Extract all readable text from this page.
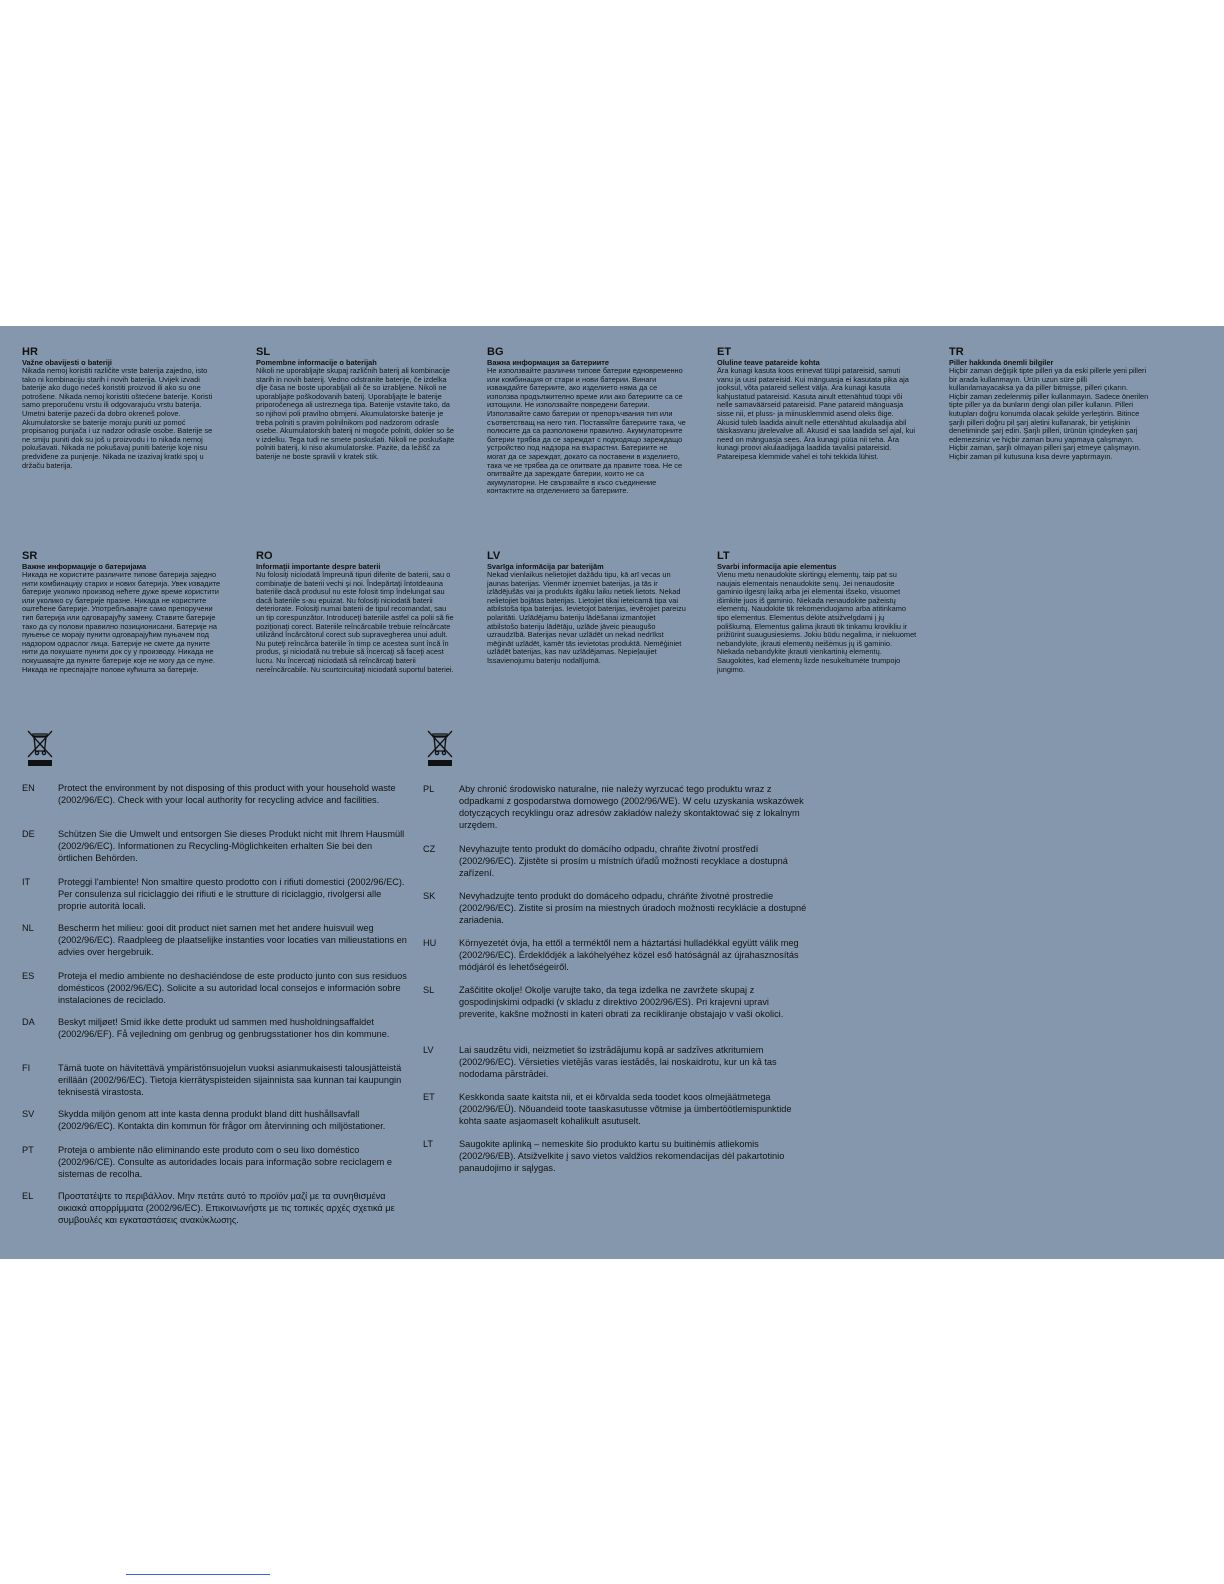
HR

Važne obavijesti o bateriji

Nikada nemoj koristiti različite vrste baterija zajedno, isto tako ni kombinaciju starih i novih baterija. Uvijek izvadi baterije ako dugo nećeš koristiti proizvod ili ako su one potrošene. Nikada nemoj koristiti oštećene baterije. Koristi samo preporučenu vrstu ili odgovarajuću vrstu baterija. Umetni baterije pazeći da dobro okreneš polove. Akumulatorske se baterije moraju puniti uz pomoć propisanog punjača i uz nadzor odrasle osobe. Baterije se ne smiju puniti dok su još u proizvodu i to nikada nemoj pokušavati. Nikada ne pokušavaj puniti baterije koje nisu predviđene za punjenje. Nikada ne izazivaj kratki spoj u držaču baterija.

SL

Pomembne informacije o baterijah

Nikoli ne uporabljajte skupaj različnih baterij ali kombinacije starih in novih baterij. Vedno odstranite baterije, če izdelka dlje časa ne boste uporabljali ali če so izrabljene. Nikoli ne uporabljajte poškodovanih baterij. Uporabljajte le baterije priporočenega ali ustreznega tipa. Baterije vstavite tako, da so njihovi poli pravilno obrnjeni. Akumulatorske baterije je treba polniti s pravim polnilnikom pod nadzorom odrasle osebe. Akumulatorskih baterij ni mogoče polniti, dokler so še v izdelku. Tega tudi ne smete poskušati. Nikoli ne poskušajte polniti baterij, ki niso akumulatorske. Pazite, da ležišč za baterije ne boste spravili v kratek stik.

BG

Важна информация за батериите

Не използвайте различни типове батерии едновременно или комбинация от стари и нови батерии. Винаги изваждайте батериите, ако изделието няма да се използва продължително време или ако батериите са се изтощили. Не използвайте повредени батерии. Използвайте само батерии от препоръчвания тип или съответстващ на него тип. Поставяйте батериите така, че полюсите да са разположени правилно. Акумулаторните батерии трябва да се зареждат с подходящо зареждащо устройство под надзора на възрастни. Батериите не могат да се зареждат, докато са поставени в изделието, така че не трябва да се опитвате да правите това. Не се опитвайте да зареждате батерии, които не са акумулаторни. Не свързвайте в късо съединение контактите на отделението за батериите.

ET

Oluline teave patareide kohta

Ära kunagi kasuta koos erinevat tüüpi patareisid, samuti vanu ja uusi patareisid. Kui mänguasja ei kasutata pika aja jooksul, võta patareid sellest välja. Ära kunagi kasuta kahjustatud patareisid. Kasuta ainult ettenähtud tüüpi või nelle samaväärseid patareisid. Pane patareid mänguasja sisse nii, et pluss- ja miinusklemmid asend oleks õige. Akusid tuleb laadida ainult nelle ettenähtud akulaadija abil täiskasvanu järelevalve all. Akusid ei saa laadida sel ajal, kui need on mänguasja sees. Ära kunagi püüa nii teha. Ära kunagi proovi akulaadijaga laadida tavalisi patareisid. Patareipesa klemmide vahel ei tohi tekkida lühist.

TR

Piller hakkında önemli bilgiler

Hiçbir zaman değişik tipte pilleri ya da eski pillerle yeni pilleri bir arada kullanmayın. Ürün uzun süre pilli kullanılamayacaksa ya da piller bitmişse, pilleri çıkarın. Hiçbir zaman zedelenmiş piller kullanmayın. Sadece önerilen tipte piller ya da bunların dengi olan piller kullanın. Pilleri kutupları doğru konumda olacak şekilde yerleştirin. Bitince şarjlı pilleri doğru pil şarj aletini kullanarak, bir yetişkinin denetiminde şarj edin. Şarjlı pilleri, ürünün içindeyken şarj edemezsiniz ve hiçbir zaman bunu yapmaya çalışmayın. Hiçbir zaman, şarjlı olmayan pilleri şarj etmeye çalışmayın. Hiçbir zaman pil kutusuna kısa devre yaptırmayın.

SR

Важне информације о батеријама

Никада не користите различите типове батерија заједно нити комбинацију старих и нових батерија. Увек извадите батерије уколико производ нећете дуже време користити или уколико су батерије празне. Никада не користите оштећене батерије. Употребљавајте само препоручени тип батерија или одговарајућу замену. Ставите батерије тако да су полови правилно позиционисани. Батерије на пуњење се морају пунити одговарајућим пуњачем под надзором одраслог лица. Батерије не смете да пуните нити да покушате пунити док су у производу. Никада не покушавајте да пуните батерије које не могу да се пуне. Никада не преспајајте полове кућишта за батерије.

RO

Informaţii importante despre baterii

Nu folosiţi niciodată împreună tipuri diferite de baterii, sau o combinaţie de baterii vechi şi noi. Îndepărtaţi întotdeauna bateriile dacă produsul nu este folosit timp îndelungat sau dacă bateriile s-au epuizat. Nu folosiţi niciodată baterii deteriorate. Folosiţi numai baterii de tipul recomandat, sau un tip corespunzător. Introduceţi bateriile astfel ca polii să fie poziţionaţi corect. Bateriile reîncărcabile trebuie reîncărcate utilizând încărcătorul corect sub supravegherea unui adult. Nu puteţi reîncărca bateriile în timp ce acestea sunt încă în produs, şi niciodată nu trebuie să încercaţi să faceţi acest lucru. Nu încercaţi niciodată să reîncărcaţi baterii nereîncărcabile. Nu scurtcircuitaţi niciodată suportul bateriei.

LV

Svarīga informācija par baterijām

Nekad vienlaikus nelietojiet dažādu tipu, kā arī vecas un jaunas baterijas. Vienmēr izņemiet baterijas, ja tās ir izlādējušās vai ja produkts ilgāku laiku netiek lietots. Nekad nelietojiet bojātas baterijas. Lietojiet tikai ieteicamā tipa vai atbilstoša tipa baterijas. Ievietojot baterijas, ievērojiet pareizu polaritāti. Uzlādējamu bateriju lādēšanai izmantojiet atbilstošo bateriju lādētāju, uzlāde jāveic pieaugušo uzraudzībā. Baterijas nevar uzlādēt un nekad nedrīkst mēģināt uzlādēt, kamēr tās ievietotas produktā. Nemēģiniet uzlādēt baterijas, kas nav uzlādējamas. Nepieļaujiet īssavienojumu bateriju nodalījumā.

LT

Svarbi informacija apie elementus

Vienu metu nenaudokite skirtingų elementų, taip pat su naujais elementais nenaudokite senų. Jei nenaudosite gaminio ilgesnį laiką arba jei elementai išseko, visuomet išimkite juos iš gaminio. Niekada nenaudokite pažeistų elementų. Naudokite tik rekomenduojamo arba atitinkamo tipo elementus. Elementus dėkite atsižvelgdami į jų poliškumą. Elementus galima įkrauti tik tinkamu krovikliu ir prižiūrint suaugusiesiems. Jokiu būdu negalima, ir niekuomet nebandykite, įkrauti elementų neišėmus jų iš gaminio. Niekada nebandykite įkrauti vienkartinių elementų. Saugokitės, kad elementų lizde nesukeltumėte trumpojo jungimo.

EN	Protect the environment by not disposing of this product with your household waste (2002/96/EC). Check with your local authority for recycling advice and facilities.
DE	Schützen Sie die Umwelt und entsorgen Sie dieses Produkt nicht mit Ihrem Hausmüll (2002/96/EC). Informationen zu Recycling-Möglichkeiten erhalten Sie bei den örtlichen Behörden.
IT	Proteggi l'ambiente! Non smaltire questo prodotto con i rifiuti domestici (2002/96/EC). Per consulenza sul riciclaggio dei rifiuti e le strutture di riciclaggio, rivolgersi alle proprie autorità locali.
NL	Bescherm het milieu: gooi dit product niet samen met het andere huisvuil weg (2002/96/EC). Raadpleeg de plaatselijke instanties voor locaties van milieustations en advies over hergebruik.
ES	Proteja el medio ambiente no deshaciéndose de este producto junto con sus residuos domésticos (2002/96/EC). Solicite a su autoridad local consejos e información sobre instalaciones de reciclado.
DA	Beskyt miljøet! Smid ikke dette produkt ud sammen med husholdningsaffaldet (2002/96/EF). Få vejledning om genbrug og genbrugsstationer hos din kommune.
FI	Tämä tuote on hävitettävä ympäristönsuojelun vuoksi asianmukaisesti talousjätteistä erillään (2002/96/EC). Tietoja kierrätyspisteiden sijainnista saa kunnan tai kaupungin teknisestä virastosta.
SV	Skydda miljön genom att inte kasta denna produkt bland ditt hushållsavfall (2002/96/EC). Kontakta din kommun för frågor om återvinning och miljöstationer.
PT	Proteja o ambiente não eliminando este produto com o seu lixo doméstico (2002/96/CE). Consulte as autoridades locais para informação sobre reciclagem e sistemas de recolha.
EL	Προστατέψτε το περιβάλλον. Μην πετάτε αυτό το προϊόν μαζί με τα συνηθισμένα οικιακά απορρίμματα (2002/96/EC). Επικοινωνήστε με τις τοπικές αρχές σχετικά με συμβουλές και εγκαταστάσεις ανακύκλωσης.
PL	Aby chronić środowisko naturalne, nie należy wyrzucać tego produktu wraz z odpadkami z gospodarstwa domowego (2002/96/WE). W celu uzyskania wskazówek dotyczących recyklingu oraz adresów zakładów należy skontaktować się z lokalnym urzędem.
CZ	Nevyhazujte tento produkt do domácího odpadu, chraňte životní prostředí (2002/96/EC). Zjistěte si prosím u místních úřadů možnosti recyklace a dostupná zařízení.
SK	Nevyhadzujte tento produkt do domáceho odpadu, chráňte životné prostredie (2002/96/EC). Zistite si prosím na miestnych úradoch možnosti recyklácie a dostupné zariadenia.
HU Környezetét óvja, ha ettől a terméktől nem a háztartási hulladékkal együtt válik meg (2002/96/EC). Érdeklődjék a lakóhelyéhez közel eső hatóságnál az újrahasznosítás módjáról és lehetőségeiről.
SL	Zaščitite okolje! Okolje varujte tako, da tega izdelka ne zavržete skupaj z gospodinjskimi odpadki (v skladu z direktivo 2002/96/ES). Pri krajevni upravi preverite, kakšne možnosti in kateri obrati za recikliranje obstajajo v vaši okolici.
LV	Lai saudzētu vidi, neizmetiet šo izstrādājumu kopā ar sadzīves atkritumiem (2002/96/EC). Vērsieties vietējās varas iestādēs, lai noskaidrotu, kur un kā tas nododama pārstrādei.
ET	Keskkonda saate kaitsta nii, et ei kõrvalda seda toodet koos olmejäätmetega (2002/96/EÜ). Nõuandeid toote taaskasutusse võtmise ja ümbertöötlemispunktide kohta saate asjaomaselt kohalikult asutuselt.
LT	Saugokite aplinką – nemeskite šio produkto kartu su buitinėmis atliekomis (2002/96/EB). Atsižvelkite į savo vietos valdžios rekomendacijas dėl pakartotinio panaudojimo ir sąlygas.
